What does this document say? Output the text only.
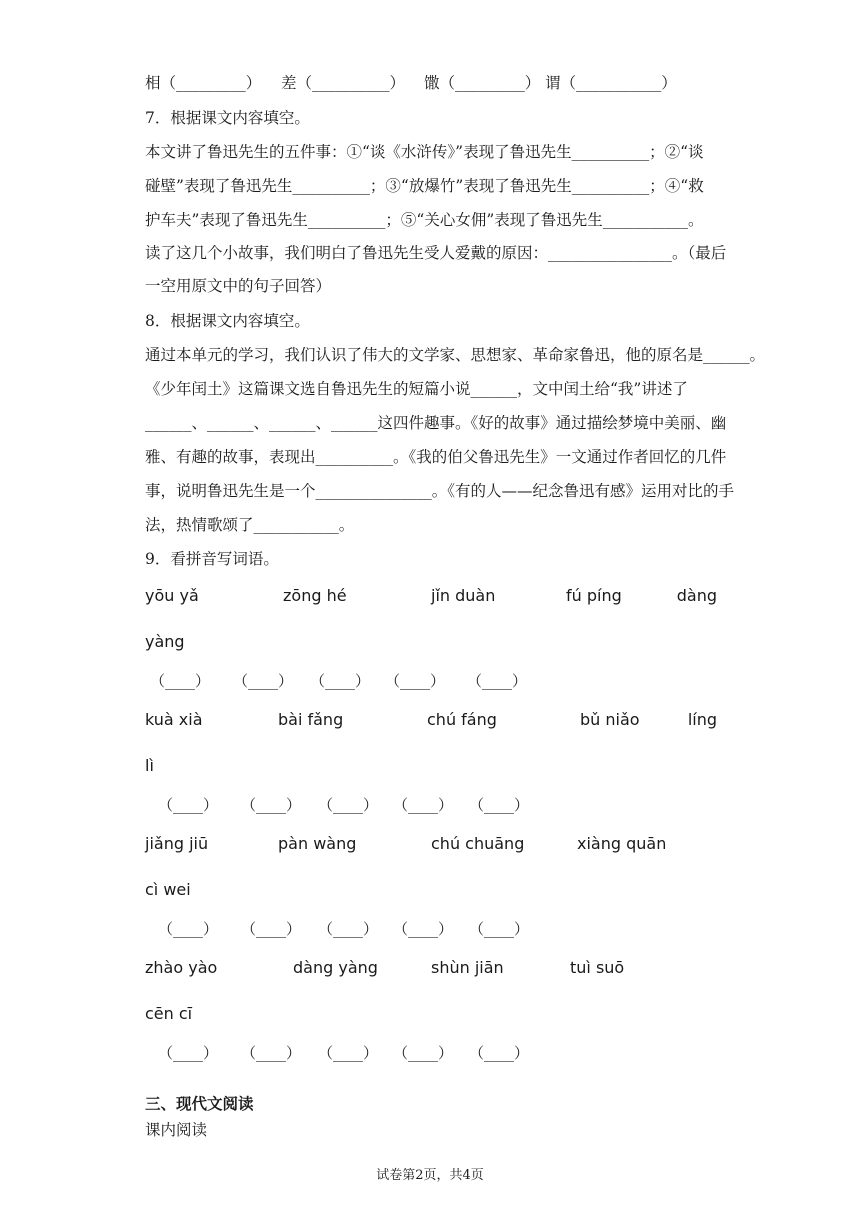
相（_________） 差（__________） 馓（_________） 谓（___________）
7．根据课文内容填空。
本文讲了鲁迅先生的五件事：①“谈《水浒传》”表现了鲁迅先生__________；②“谈
碰壁”表现了鲁迅先生__________；③“放爆竹”表现了鲁迅先生__________；④“救
护车夫”表现了鲁迅先生__________；⑤“关心女佣”表现了鲁迅先生___________。
读了这几个小故事，我们明白了鲁迅先生受人爱戴的原因：________________。（最后
一空用原文中的句子回答）
8．根据课文内容填空。
通过本单元的学习，我们认识了伟大的文学家、思想家、革命家鲁迅，他的原名是______。
《少年闰土》这篇课文选自鲁迅先生的短篇小说______，文中闰土给“我”讲述了
______、______、______、______这四件趣事。《好的故事》通过描绘梦境中美丽、幽
雅、有趣的故事，表现出__________。《我的伯父鲁迅先生》一文通过作者回忆的几件
事，说明鲁迅先生是一个_______________。《有的人——纪念鲁迅有感》运用对比的手
法，热情歌颂了___________。
9．看拼音写词语。
yōu yǎ	zōng hé	jǐn duàn	fú píng	dàng
yàng
（____） （____） （____） （____） （____）
kuà xià	bài fǎng	chú fáng	bǔ niǎo	líng
lì
（____） （____） （____） （____） （____）
jiǎng jiū	pàn wàng	chú chuāng	xiàng quān
cì wei
（____） （____） （____） （____） （____）
zhào yào	dàng yàng	shùn jiān	tuì suō
cēn cī
（____） （____） （____） （____） （____）
三、现代文阅读
课内阅读
试卷第2页，共4页
